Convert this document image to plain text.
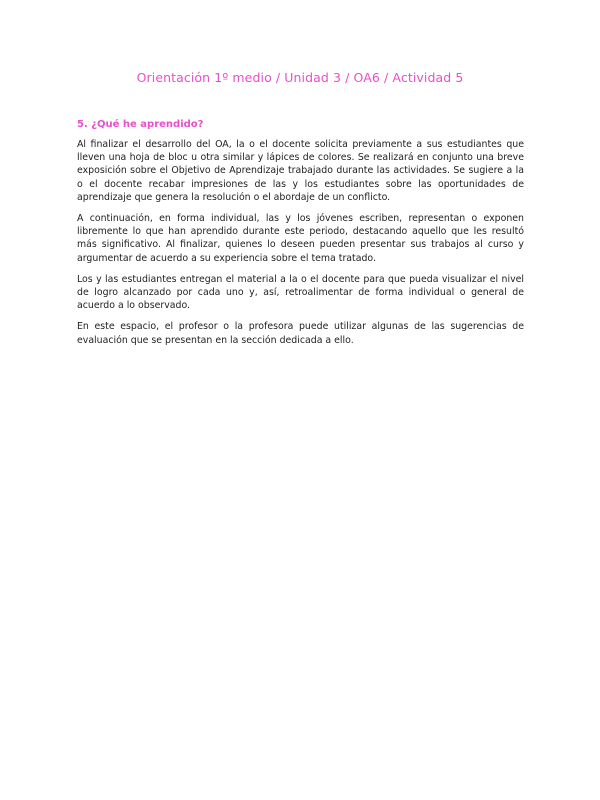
Orientación 1º medio / Unidad 3 / OA6 / Actividad 5
5. ¿Qué he aprendido?

Al finalizar el desarrollo del OA, la o el docente solicita previamente a sus estudiantes que lleven una hoja de bloc u otra similar y lápices de colores. Se realizará en conjunto una breve exposición sobre el Objetivo de Aprendizaje trabajado durante las actividades. Se sugiere a la o el docente recabar impresiones de las y los estudiantes sobre las oportunidades de aprendizaje que genera la resolución o el abordaje de un conflicto.

A continuación, en forma individual, las y los jóvenes escriben, representan o exponen libremente lo que han aprendido durante este periodo, destacando aquello que les resultó más significativo. Al finalizar, quienes lo deseen pueden presentar sus trabajos al curso y argumentar de acuerdo a su experiencia sobre el tema tratado.

Los y las estudiantes entregan el material a la o el docente para que pueda visualizar el nivel de logro alcanzado por cada uno y, así, retroalimentar de forma individual o general de acuerdo a lo observado.

En este espacio, el profesor o la profesora puede utilizar algunas de las sugerencias de evaluación que se presentan en la sección dedicada a ello.
